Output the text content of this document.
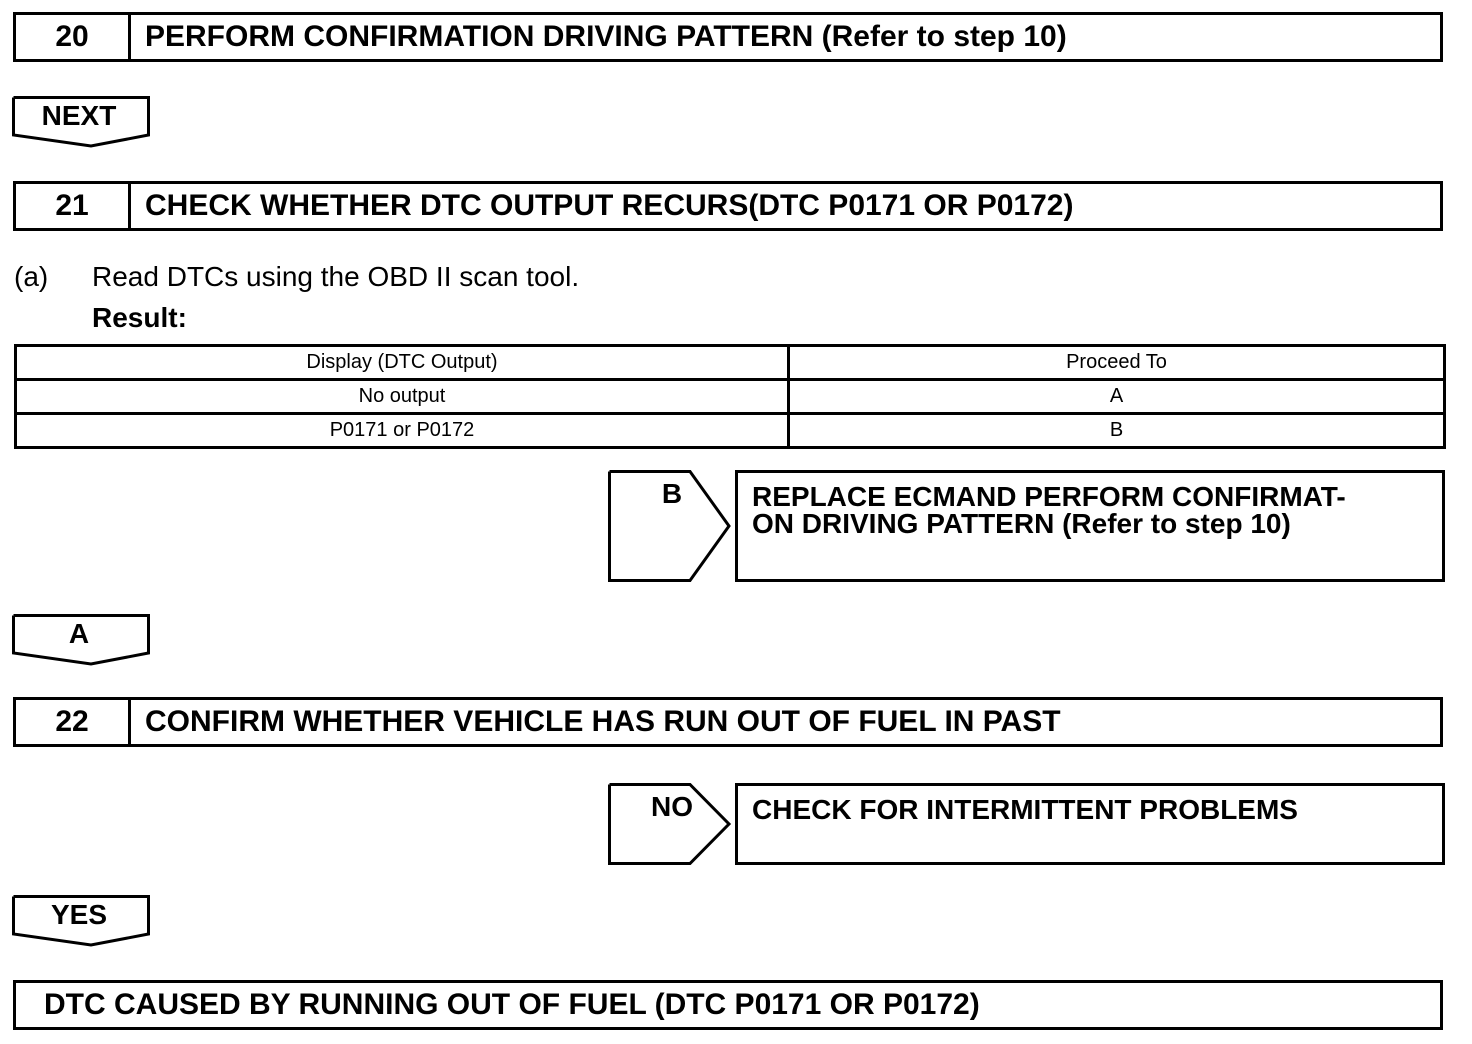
20	PERFORM CONFIRMATION DRIVING PATTERN (Refer to step 10)
NEXT
21	CHECK WHETHER DTC OUTPUT RECURS(DTC P0171 OR P0172)
(a) Read DTCs using the OBD II scan tool.
Result:
Display (DTC Output)	Proceed To
No output	A
P0171 or P0172	B
B	REPLACE ECMAND PERFORM CONFIRMAT-
ON DRIVING PATTERN (Refer to step 10)
A
22	CONFIRM WHETHER VEHICLE HAS RUN OUT OF FUEL IN PAST
NO	CHECK FOR INTERMITTENT PROBLEMS
YES
DTC CAUSED BY RUNNING OUT OF FUEL (DTC P0171 OR P0172)
